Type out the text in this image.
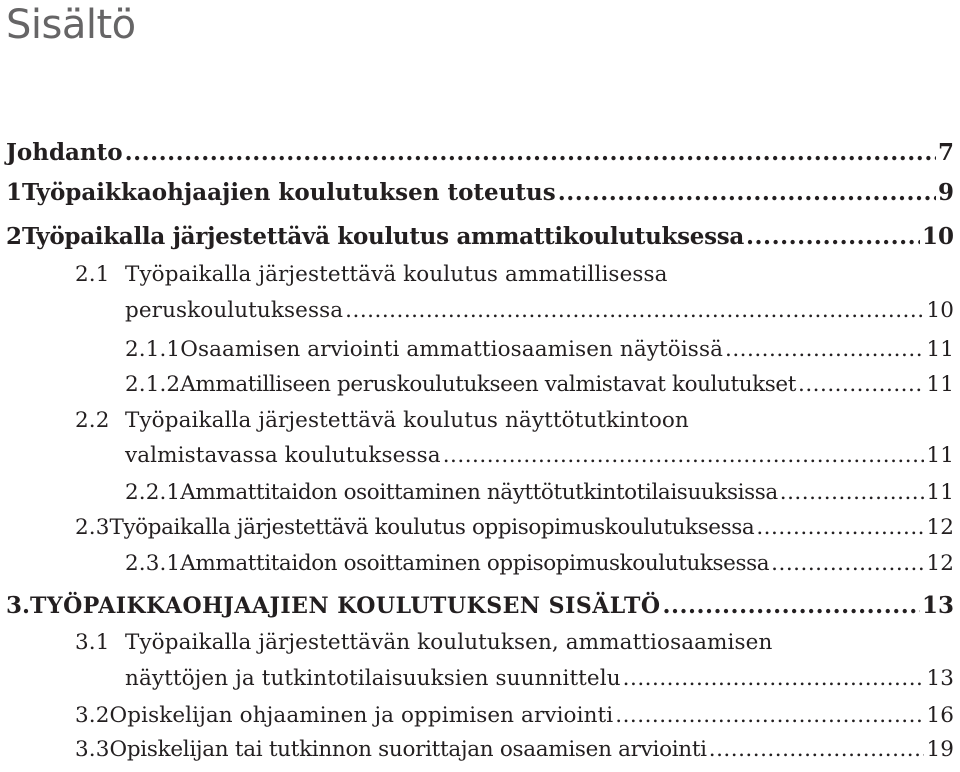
Sisältö
Johdanto .....	7
1 Työpaikkaohjaajien koulutuksen toteutus .....	9
2 Työpaikalla järjestettävä koulutus ammattikoulutuksessa .....	10
2.1 Työpaikalla järjestettävä koulutus ammatillisessa
peruskoulutuksessa .....	10
2.1.1 Osaamisen arviointi ammattiosaamisen näytöissä .....	11
2.1.2 Ammatilliseen peruskoulutukseen valmistavat koulutukset .....	11
2.2 Työpaikalla järjestettävä koulutus näyttötutkintoon
valmistavassa koulutuksessa .....	11
2.2.1 Ammattitaidon osoittaminen näyttötutkintotilaisuuksissa .....	11
2.3 Työpaikalla järjestettävä koulutus oppisopimuskoulutuksessa .....	12
2.3.1 Ammattitaidon osoittaminen oppisopimuskoulutuksessa .....	12
3. TYÖPAIKKAOHJAAJIEN KOULUTUKSEN SISÄLTÖ .....	13
3.1 Työpaikalla järjestettävän koulutuksen, ammattiosaamisen
näyttöjen ja tutkintotilaisuuksien suunnittelu .....	13
3.2 Opiskelijan ohjaaminen ja oppimisen arviointi .....	16
3.3 Opiskelijan tai tutkinnon suorittajan osaamisen arviointi .....	19
